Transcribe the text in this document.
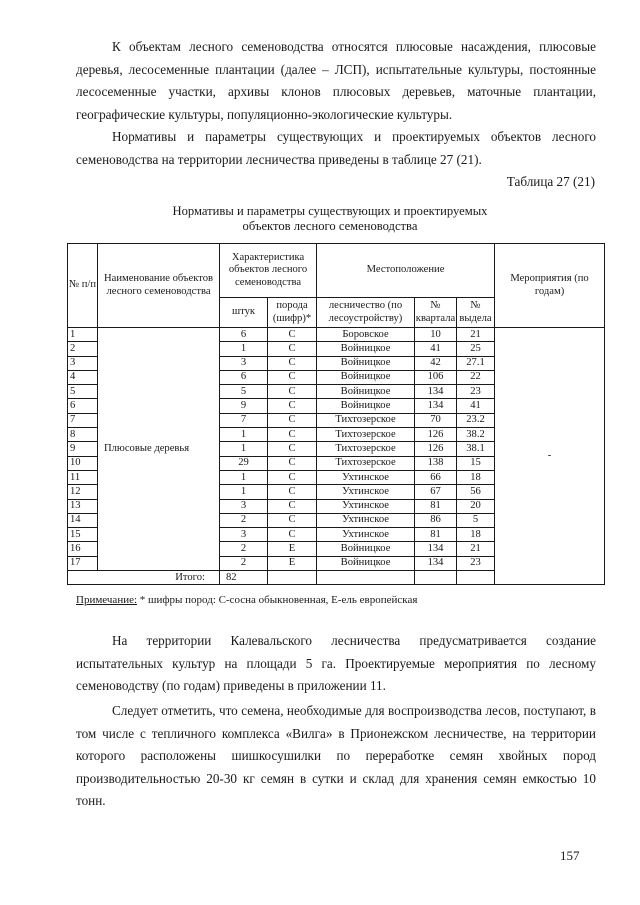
К объектам лесного семеноводства относятся плюсовые насаждения, плюсовые деревья, лесосеменные плантации (далее – ЛСП), испытательные культуры, постоянные лесосеменные участки, архивы клонов плюсовых деревьев, маточные плантации, географические культуры, популяционно-экологические культуры.

Нормативы и параметры существующих и проектируемых объектов лесного семеноводства на территории лесничества приведены в таблице 27 (21).

Таблица 27 (21)
Нормативы и параметры существующих и проектируемых
объектов лесного семеноводства
№ п/п	Наименование объектов лесного семеноводства	Характеристика объектов лесного семеноводства		Местоположение			Мероприятия (по годам)
		штук	порода (шифр)*	лесничество (по лесоустройству)	№ квартала	№ выдела	
1	Плюсовые деревья	6	С	Боровское	10	21	-
2		1	С	Войницкое	41	25	
3		3	С	Войницкое	42	27.1	
4		6	С	Войницкое	106	22	
5		5	С	Войницкое	134	23	
6		9	С	Войницкое	134	41	
7		7	С	Тихтозерское	70	23.2	
8		1	С	Тихтозерское	126	38.2	
9		1	С	Тихтозерское	126	38.1	
10		29	С	Тихтозерское	138	15	
11		1	С	Ухтинское	66	18	
12		1	С	Ухтинское	67	56	
13		3	С	Ухтинское	81	20	
14		2	С	Ухтинское	86	5	
15		3	С	Ухтинское	81	18	
16		2	Е	Войницкое	134	21	
17		2	Е	Войницкое	134	23	
Итого:		82					
Примечание: * шифры пород: С-сосна обыкновенная, Е-ель европейская

На территории Калевальского лесничества предусматривается создание испытательных культур на площади 5 га. Проектируемые мероприятия по лесному семеноводству (по годам) приведены в приложении 11.

Следует отметить, что семена, необходимые для воспроизводства лесов, поступают, в том числе с тепличного комплекса «Вилга» в Прионежском лесничестве, на территории которого расположены шишкосушилки по переработке семян хвойных пород производительностью 20-30 кг семян в сутки и склад для хранения семян емкостью 10 тонн.

157
